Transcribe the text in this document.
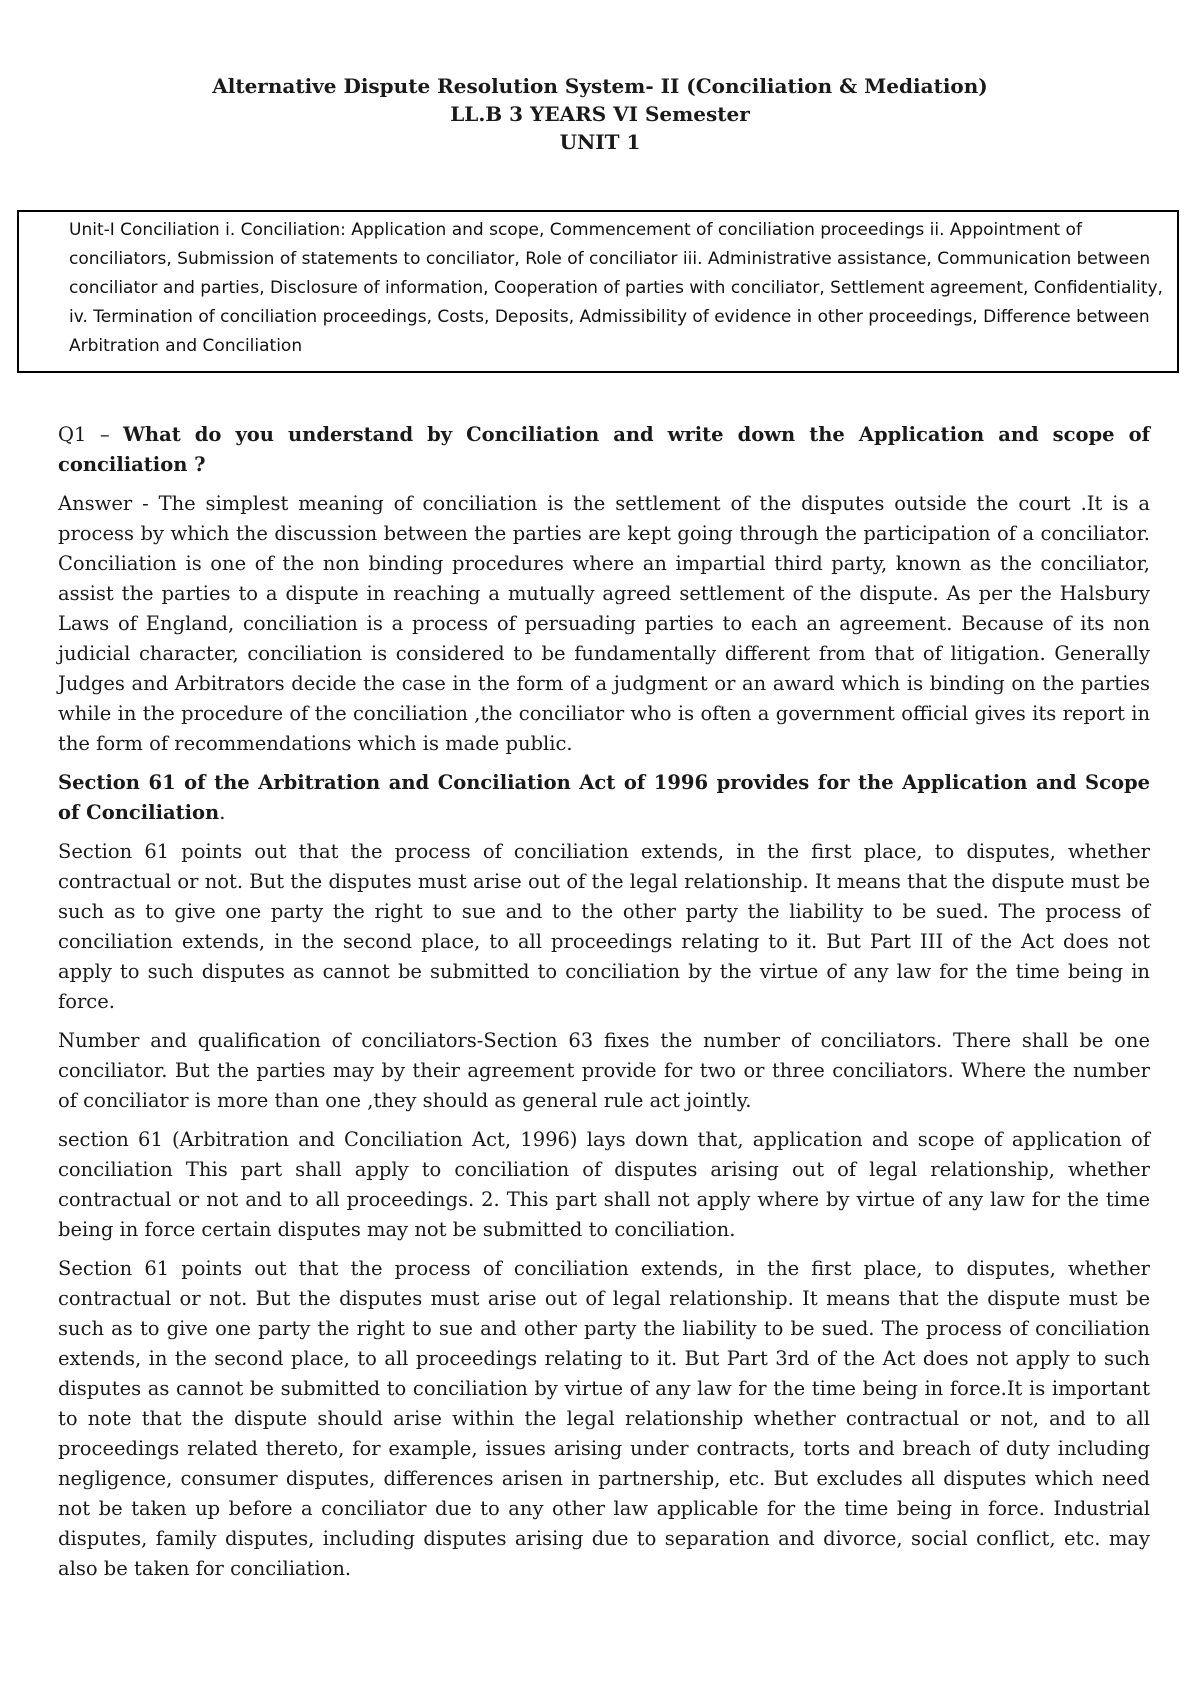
Alternative Dispute Resolution System- II (Conciliation & Mediation)
LL.B 3 YEARS VI Semester
UNIT 1
Unit-I Conciliation i. Conciliation: Application and scope, Commencement of conciliation proceedings ii. Appointment of conciliators, Submission of statements to conciliator, Role of conciliator iii. Administrative assistance, Communication between conciliator and parties, Disclosure of information, Cooperation of parties with conciliator, Settlement agreement, Confidentiality, iv. Termination of conciliation proceedings, Costs, Deposits, Admissibility of evidence in other proceedings, Difference between Arbitration and Conciliation

Q1 – What do you understand by Conciliation and write down the Application and scope of conciliation ?

Answer - The simplest meaning of conciliation is the settlement of the disputes outside the court .It is a process by which the discussion between the parties are kept going through the participation of a conciliator. Conciliation is one of the non binding procedures where an impartial third party, known as the conciliator, assist the parties to a dispute in reaching a mutually agreed settlement of the dispute. As per the Halsbury Laws of England, conciliation is a process of persuading parties to each an agreement. Because of its non judicial character, conciliation is considered to be fundamentally different from that of litigation. Generally Judges and Arbitrators decide the case in the form of a judgment or an award which is binding on the parties while in the procedure of the conciliation ,the conciliator who is often a government official gives its report in the form of recommendations which is made public.

Section 61 of the Arbitration and Conciliation Act of 1996 provides for the Application and Scope of Conciliation.

Section 61 points out that the process of conciliation extends, in the first place, to disputes, whether contractual or not. But the disputes must arise out of the legal relationship. It means that the dispute must be such as to give one party the right to sue and to the other party the liability to be sued. The process of conciliation extends, in the second place, to all proceedings relating to it. But Part III of the Act does not apply to such disputes as cannot be submitted to conciliation by the virtue of any law for the time being in force.

Number and qualification of conciliators-Section 63 fixes the number of conciliators. There shall be one conciliator. But the parties may by their agreement provide for two or three conciliators. Where the number of conciliator is more than one ,they should as general rule act jointly.

section 61 (Arbitration and Conciliation Act, 1996) lays down that, application and scope of application of conciliation This part shall apply to conciliation of disputes arising out of legal relationship, whether contractual or not and to all proceedings. 2. This part shall not apply where by virtue of any law for the time being in force certain disputes may not be submitted to conciliation.

Section 61 points out that the process of conciliation extends, in the first place, to disputes, whether contractual or not. But the disputes must arise out of legal relationship. It means that the dispute must be such as to give one party the right to sue and other party the liability to be sued. The process of conciliation extends, in the second place, to all proceedings relating to it. But Part 3rd of the Act does not apply to such disputes as cannot be submitted to conciliation by virtue of any law for the time being in force.It is important to note that the dispute should arise within the legal relationship whether contractual or not, and to all proceedings related thereto, for example, issues arising under contracts, torts and breach of duty including negligence, consumer disputes, differences arisen in partnership, etc. But excludes all disputes which need not be taken up before a conciliator due to any other law applicable for the time being in force. Industrial disputes, family disputes, including disputes arising due to separation and divorce, social conflict, etc. may also be taken for conciliation.
